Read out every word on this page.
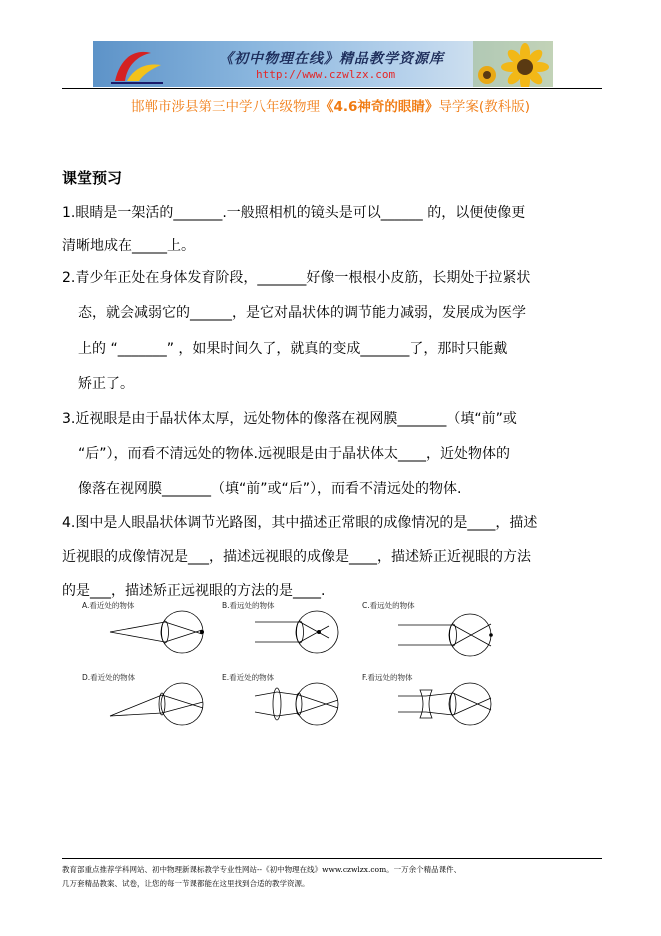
《初中物理在线》精品教学资源库
http://www.czwlzx.com
邯郸市涉县第三中学八年级物理《4.6神奇的眼睛》导学案(教科版)
课堂预习
1.眼睛是一架活的_______.一般照相机的镜头是可以______ 的，以便使像更
清晰地成在_____上。
2.青少年正处在身体发育阶段，_______好像一根根小皮筋，长期处于拉紧状
态，就会减弱它的______，是它对晶状体的调节能力减弱，发展成为医学
上的 “_______” ，如果时间久了，就真的变成_______了，那时只能戴
矫正了。
3.近视眼是由于晶状体太厚，远处物体的像落在视网膜_______（填“前”或
“后”），而看不清远处的物体.远视眼是由于晶状体太____，近处物体的
像落在视网膜_______（填“前”或“后”），而看不清远处的物体.
4.图中是人眼晶状体调节光路图，其中描述正常眼的成像情况的是____，描述
近视眼的成像情况是___，描述远视眼的成像是____，描述矫正近视眼的方法
的是___，描述矫正远视眼的方法的是____.
A.看近处的物体	B.看远处的物体	C.看远处的物体
D.看近处的物体	E.看近处的物体	F.看远处的物体
教育部重点推荐学科网站、初中物理新课标教学专业性网站--《初中物理在线》www.czwlzx.com。一万余个精品课件、
几万套精品教案、试卷，让您的每一节课都能在这里找到合适的教学资源。
